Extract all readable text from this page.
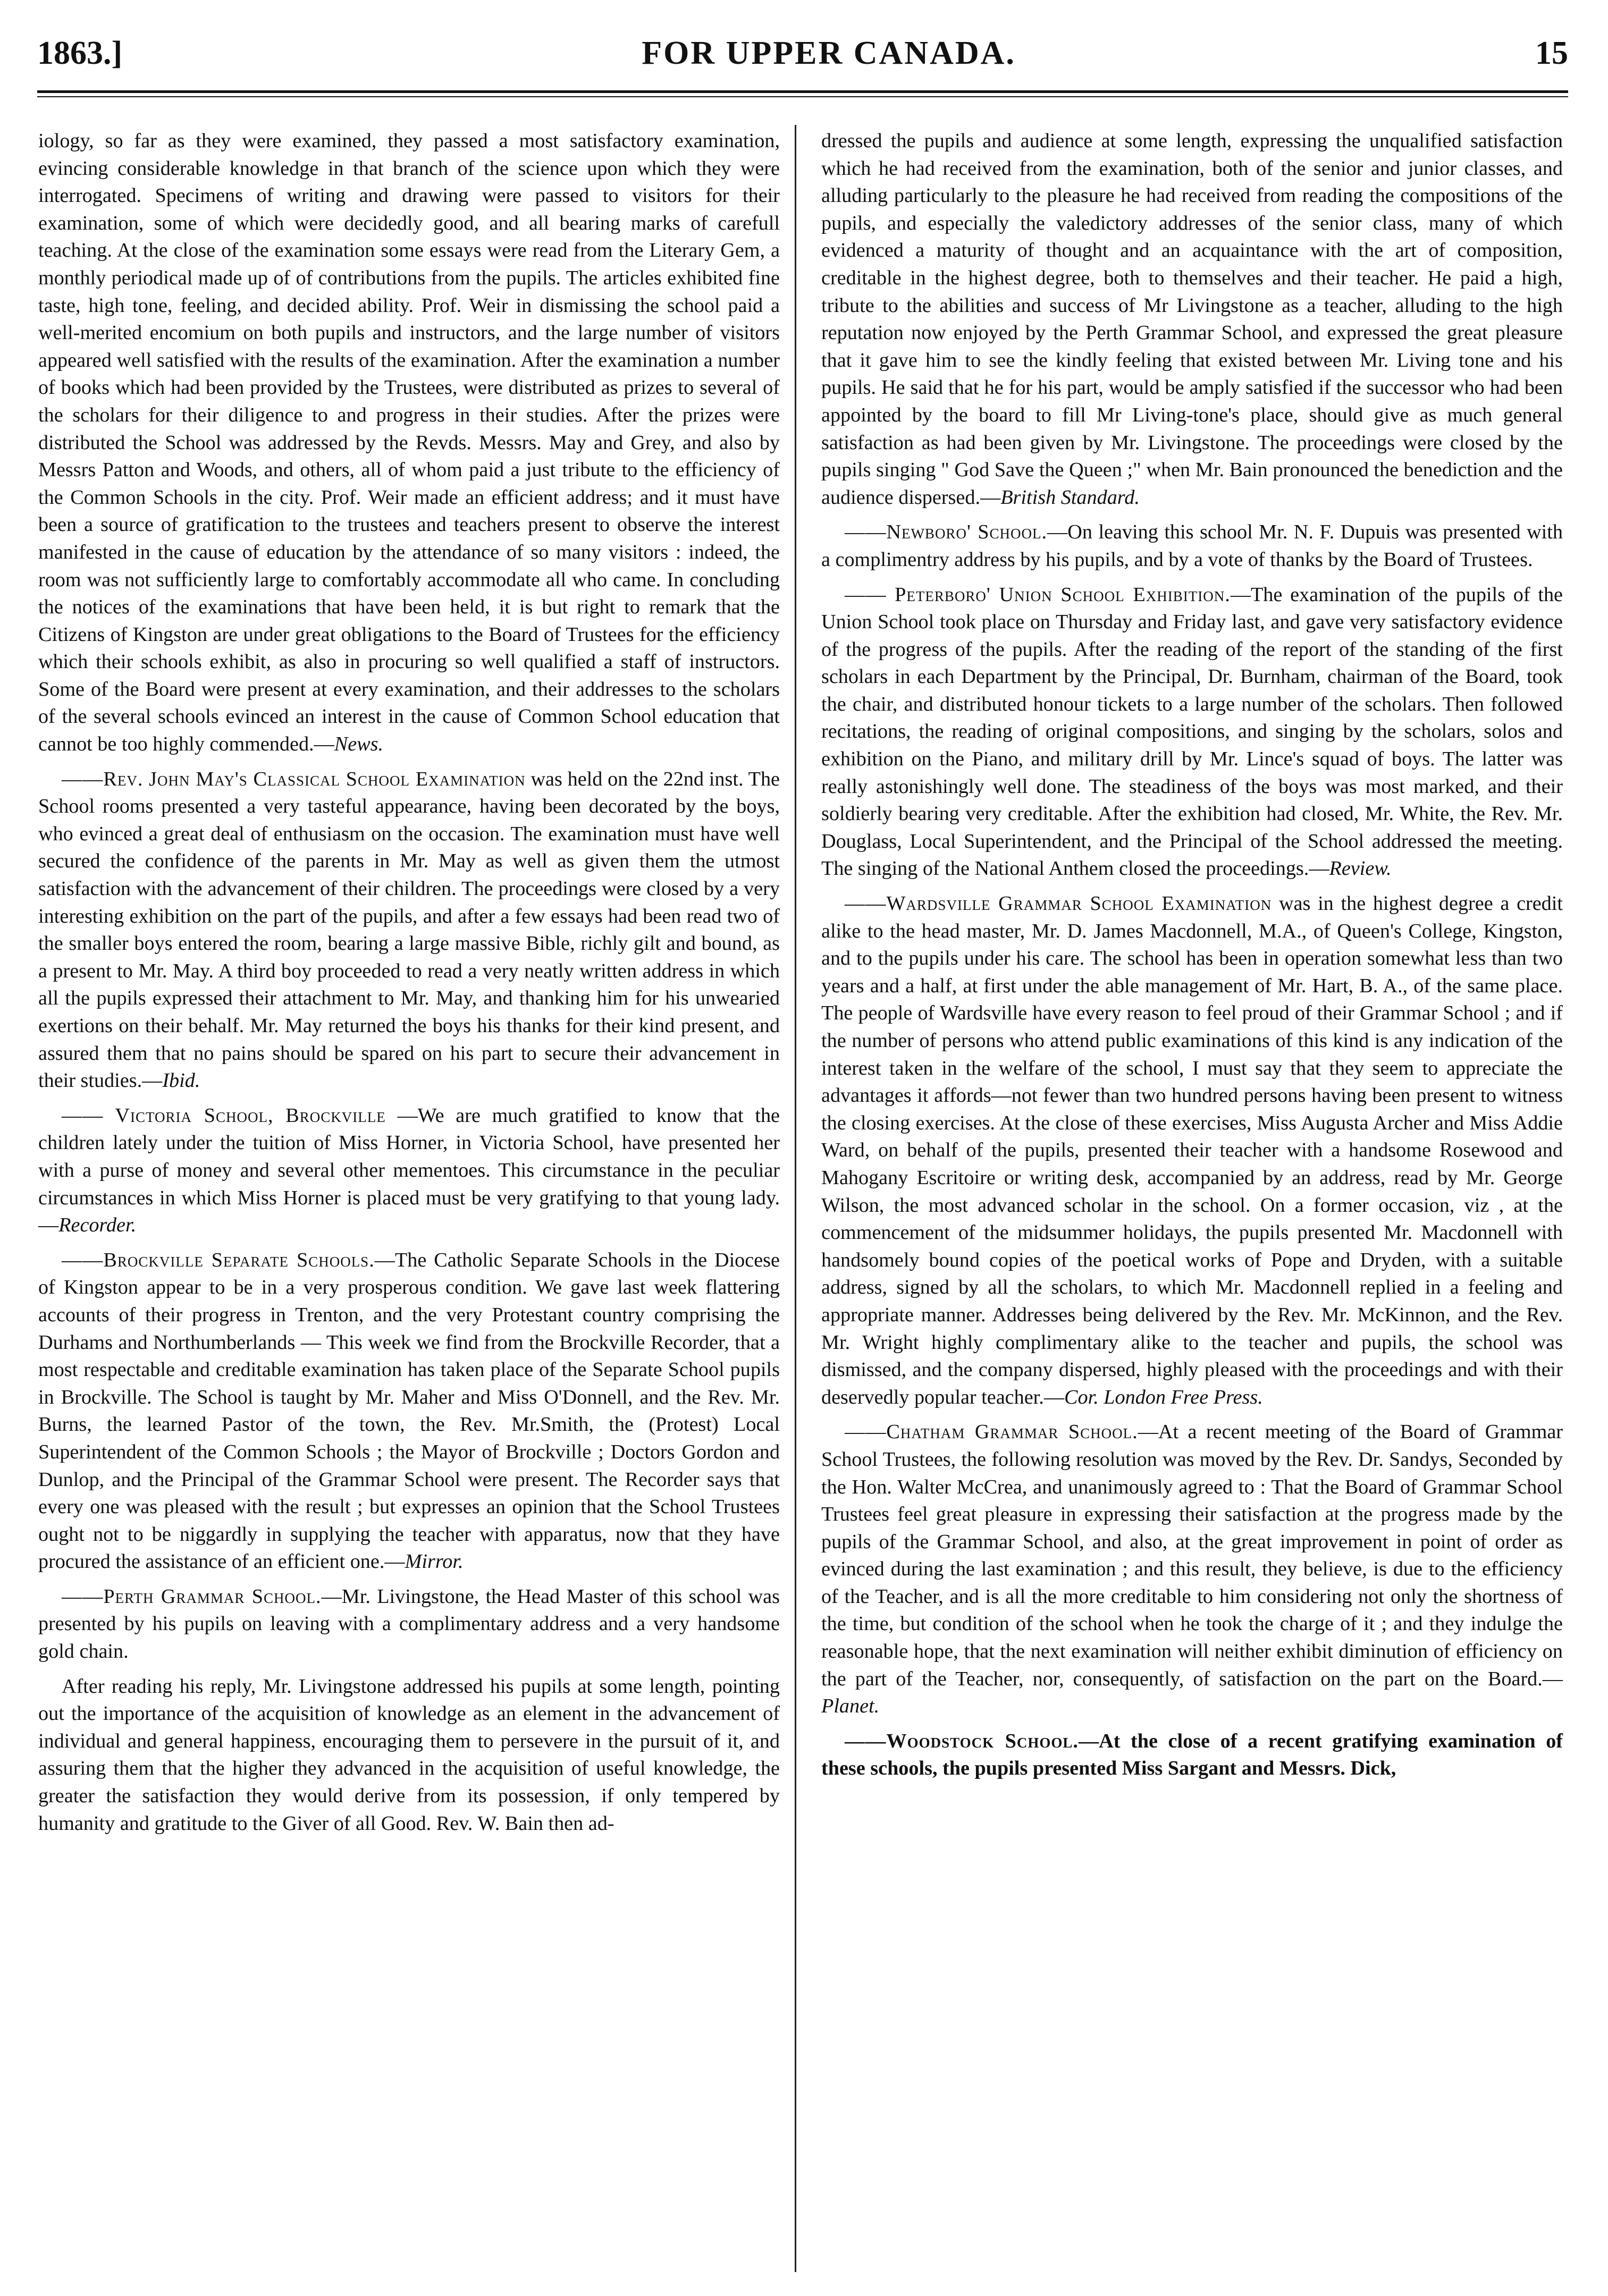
1863.]	FOR UPPER CANADA.	15

iology, so far as they were examined, they passed a most satisfactory examination, evincing considerable knowledge in that branch of the science upon which they were interrogated. Specimens of writing and drawing were passed to visitors for their examination, some of which were decidedly good, and all bearing marks of carefull teaching. At the close of the examination some essays were read from the Literary Gem, a monthly periodical made up of of contributions from the pupils. The articles exhibited fine taste, high tone, feeling, and decided ability. Prof. Weir in dismissing the school paid a well-merited encomium on both pupils and instructors, and the large number of visitors appeared well satisfied with the results of the examination. After the examination a number of books which had been provided by the Trustees, were distributed as prizes to several of the scholars for their diligence to and progress in their studies. After the prizes were distributed the School was addressed by the Revds. Messrs. May and Grey, and also by Messrs Patton and Woods, and others, all of whom paid a just tribute to the efficiency of the Common Schools in the city. Prof. Weir made an efficient address; and it must have been a source of gratification to the trustees and teachers present to observe the interest manifested in the cause of education by the attendance of so many visitors : indeed, the room was not sufficiently large to comfortably accommodate all who came. In concluding the notices of the examinations that have been held, it is but right to remark that the Citizens of Kingston are under great obligations to the Board of Trustees for the efficiency which their schools exhibit, as also in procuring so well qualified a staff of instructors. Some of the Board were present at every examination, and their addresses to the scholars of the several schools evinced an interest in the cause of Common School education that cannot be too highly commended.—News.

——Rev. John May's Classical School Examination was held on the 22nd inst. The School rooms presented a very tasteful appearance, having been decorated by the boys, who evinced a great deal of enthusiasm on the occasion. The examination must have well secured the confidence of the parents in Mr. May as well as given them the utmost satisfaction with the advancement of their children. The proceedings were closed by a very interesting exhibition on the part of the pupils, and after a few essays had been read two of the smaller boys entered the room, bearing a large massive Bible, richly gilt and bound, as a present to Mr. May. A third boy proceeded to read a very neatly written address in which all the pupils expressed their attachment to Mr. May, and thanking him for his unwearied exertions on their behalf. Mr. May returned the boys his thanks for their kind present, and assured them that no pains should be spared on his part to secure their advancement in their studies.—Ibid.

—— Victoria School, Brockville —We are much gratified to know that the children lately under the tuition of Miss Horner, in Victoria School, have presented her with a purse of money and several other mementoes. This circumstance in the peculiar circumstances in which Miss Horner is placed must be very gratifying to that young lady.—Recorder.

——Brockville Separate Schools.—The Catholic Separate Schools in the Diocese of Kingston appear to be in a very prosperous condition. We gave last week flattering accounts of their progress in Trenton, and the very Protestant country comprising the Durhams and Northumberlands — This week we find from the Brockville Recorder, that a most respectable and creditable examination has taken place of the Separate School pupils in Brockville. The School is taught by Mr. Maher and Miss O'Donnell, and the Rev. Mr. Burns, the learned Pastor of the town, the Rev. Mr.Smith, the (Protest) Local Superintendent of the Common Schools ; the Mayor of Brockville ; Doctors Gordon and Dunlop, and the Principal of the Grammar School were present. The Recorder says that every one was pleased with the result ; but expresses an opinion that the School Trustees ought not to be niggardly in supplying the teacher with apparatus, now that they have procured the assistance of an efficient one.—Mirror.

——Perth Grammar School.—Mr. Livingstone, the Head Master of this school was presented by his pupils on leaving with a complimentary address and a very handsome gold chain.

After reading his reply, Mr. Livingstone addressed his pupils at some length, pointing out the importance of the acquisition of knowledge as an element in the advancement of individual and general happiness, encouraging them to persevere in the pursuit of it, and assuring them that the higher they advanced in the acquisition of useful knowledge, the greater the satisfaction they would derive from its possession, if only tempered by humanity and gratitude to the Giver of all Good. Rev. W. Bain then ad-

dressed the pupils and audience at some length, expressing the unqualified satisfaction which he had received from the examination, both of the senior and junior classes, and alluding particularly to the pleasure he had received from reading the compositions of the pupils, and especially the valedictory addresses of the senior class, many of which evidenced a maturity of thought and an acquaintance with the art of composition, creditable in the highest degree, both to themselves and their teacher. He paid a high, tribute to the abilities and success of Mr Livingstone as a teacher, alluding to the high reputation now enjoyed by the Perth Grammar School, and expressed the great pleasure that it gave him to see the kindly feeling that existed between Mr. Living tone and his pupils. He said that he for his part, would be amply satisfied if the successor who had been appointed by the board to fill Mr Living-tone's place, should give as much general satisfaction as had been given by Mr. Livingstone. The proceedings were closed by the pupils singing " God Save the Queen ;" when Mr. Bain pronounced the benediction and the audience dispersed.—British Standard.

——Newboro' School.—On leaving this school Mr. N. F. Dupuis was presented with a complimentry address by his pupils, and by a vote of thanks by the Board of Trustees.

—— Peterboro' Union School Exhibition.—The examination of the pupils of the Union School took place on Thursday and Friday last, and gave very satisfactory evidence of the progress of the pupils. After the reading of the report of the standing of the first scholars in each Department by the Principal, Dr. Burnham, chairman of the Board, took the chair, and distributed honour tickets to a large number of the scholars. Then followed recitations, the reading of original compositions, and singing by the scholars, solos and exhibition on the Piano, and military drill by Mr. Lince's squad of boys. The latter was really astonishingly well done. The steadiness of the boys was most marked, and their soldierly bearing very creditable. After the exhibition had closed, Mr. White, the Rev. Mr. Douglass, Local Superintendent, and the Principal of the School addressed the meeting. The singing of the National Anthem closed the proceedings.—Review.

——Wardsville Grammar School Examination was in the highest degree a credit alike to the head master, Mr. D. James Macdonnell, M.A., of Queen's College, Kingston, and to the pupils under his care. The school has been in operation somewhat less than two years and a half, at first under the able management of Mr. Hart, B. A., of the same place. The people of Wardsville have every reason to feel proud of their Grammar School ; and if the number of persons who attend public examinations of this kind is any indication of the interest taken in the welfare of the school, I must say that they seem to appreciate the advantages it affords—not fewer than two hundred persons having been present to witness the closing exercises. At the close of these exercises, Miss Augusta Archer and Miss Addie Ward, on behalf of the pupils, presented their teacher with a handsome Rosewood and Mahogany Escritoire or writing desk, accompanied by an address, read by Mr. George Wilson, the most advanced scholar in the school. On a former occasion, viz , at the commencement of the midsummer holidays, the pupils presented Mr. Macdonnell with handsomely bound copies of the poetical works of Pope and Dryden, with a suitable address, signed by all the scholars, to which Mr. Macdonnell replied in a feeling and appropriate manner. Addresses being delivered by the Rev. Mr. McKinnon, and the Rev. Mr. Wright highly complimentary alike to the teacher and pupils, the school was dismissed, and the company dispersed, highly pleased with the proceedings and with their deservedly popular teacher.—Cor. London Free Press.

——Chatham Grammar School.—At a recent meeting of the Board of Grammar School Trustees, the following resolution was moved by the Rev. Dr. Sandys, Seconded by the Hon. Walter McCrea, and unanimously agreed to : That the Board of Grammar School Trustees feel great pleasure in expressing their satisfaction at the progress made by the pupils of the Grammar School, and also, at the great improvement in point of order as evinced during the last examination ; and this result, they believe, is due to the efficiency of the Teacher, and is all the more creditable to him considering not only the shortness of the time, but condition of the school when he took the charge of it ; and they indulge the reasonable hope, that the next examination will neither exhibit diminution of efficiency on the part of the Teacher, nor, consequently, of satisfaction on the part on the Board.—Planet.

——Woodstock School.—At the close of a recent gratifying examination of these schools, the pupils presented Miss Sargant and Messrs. Dick,
